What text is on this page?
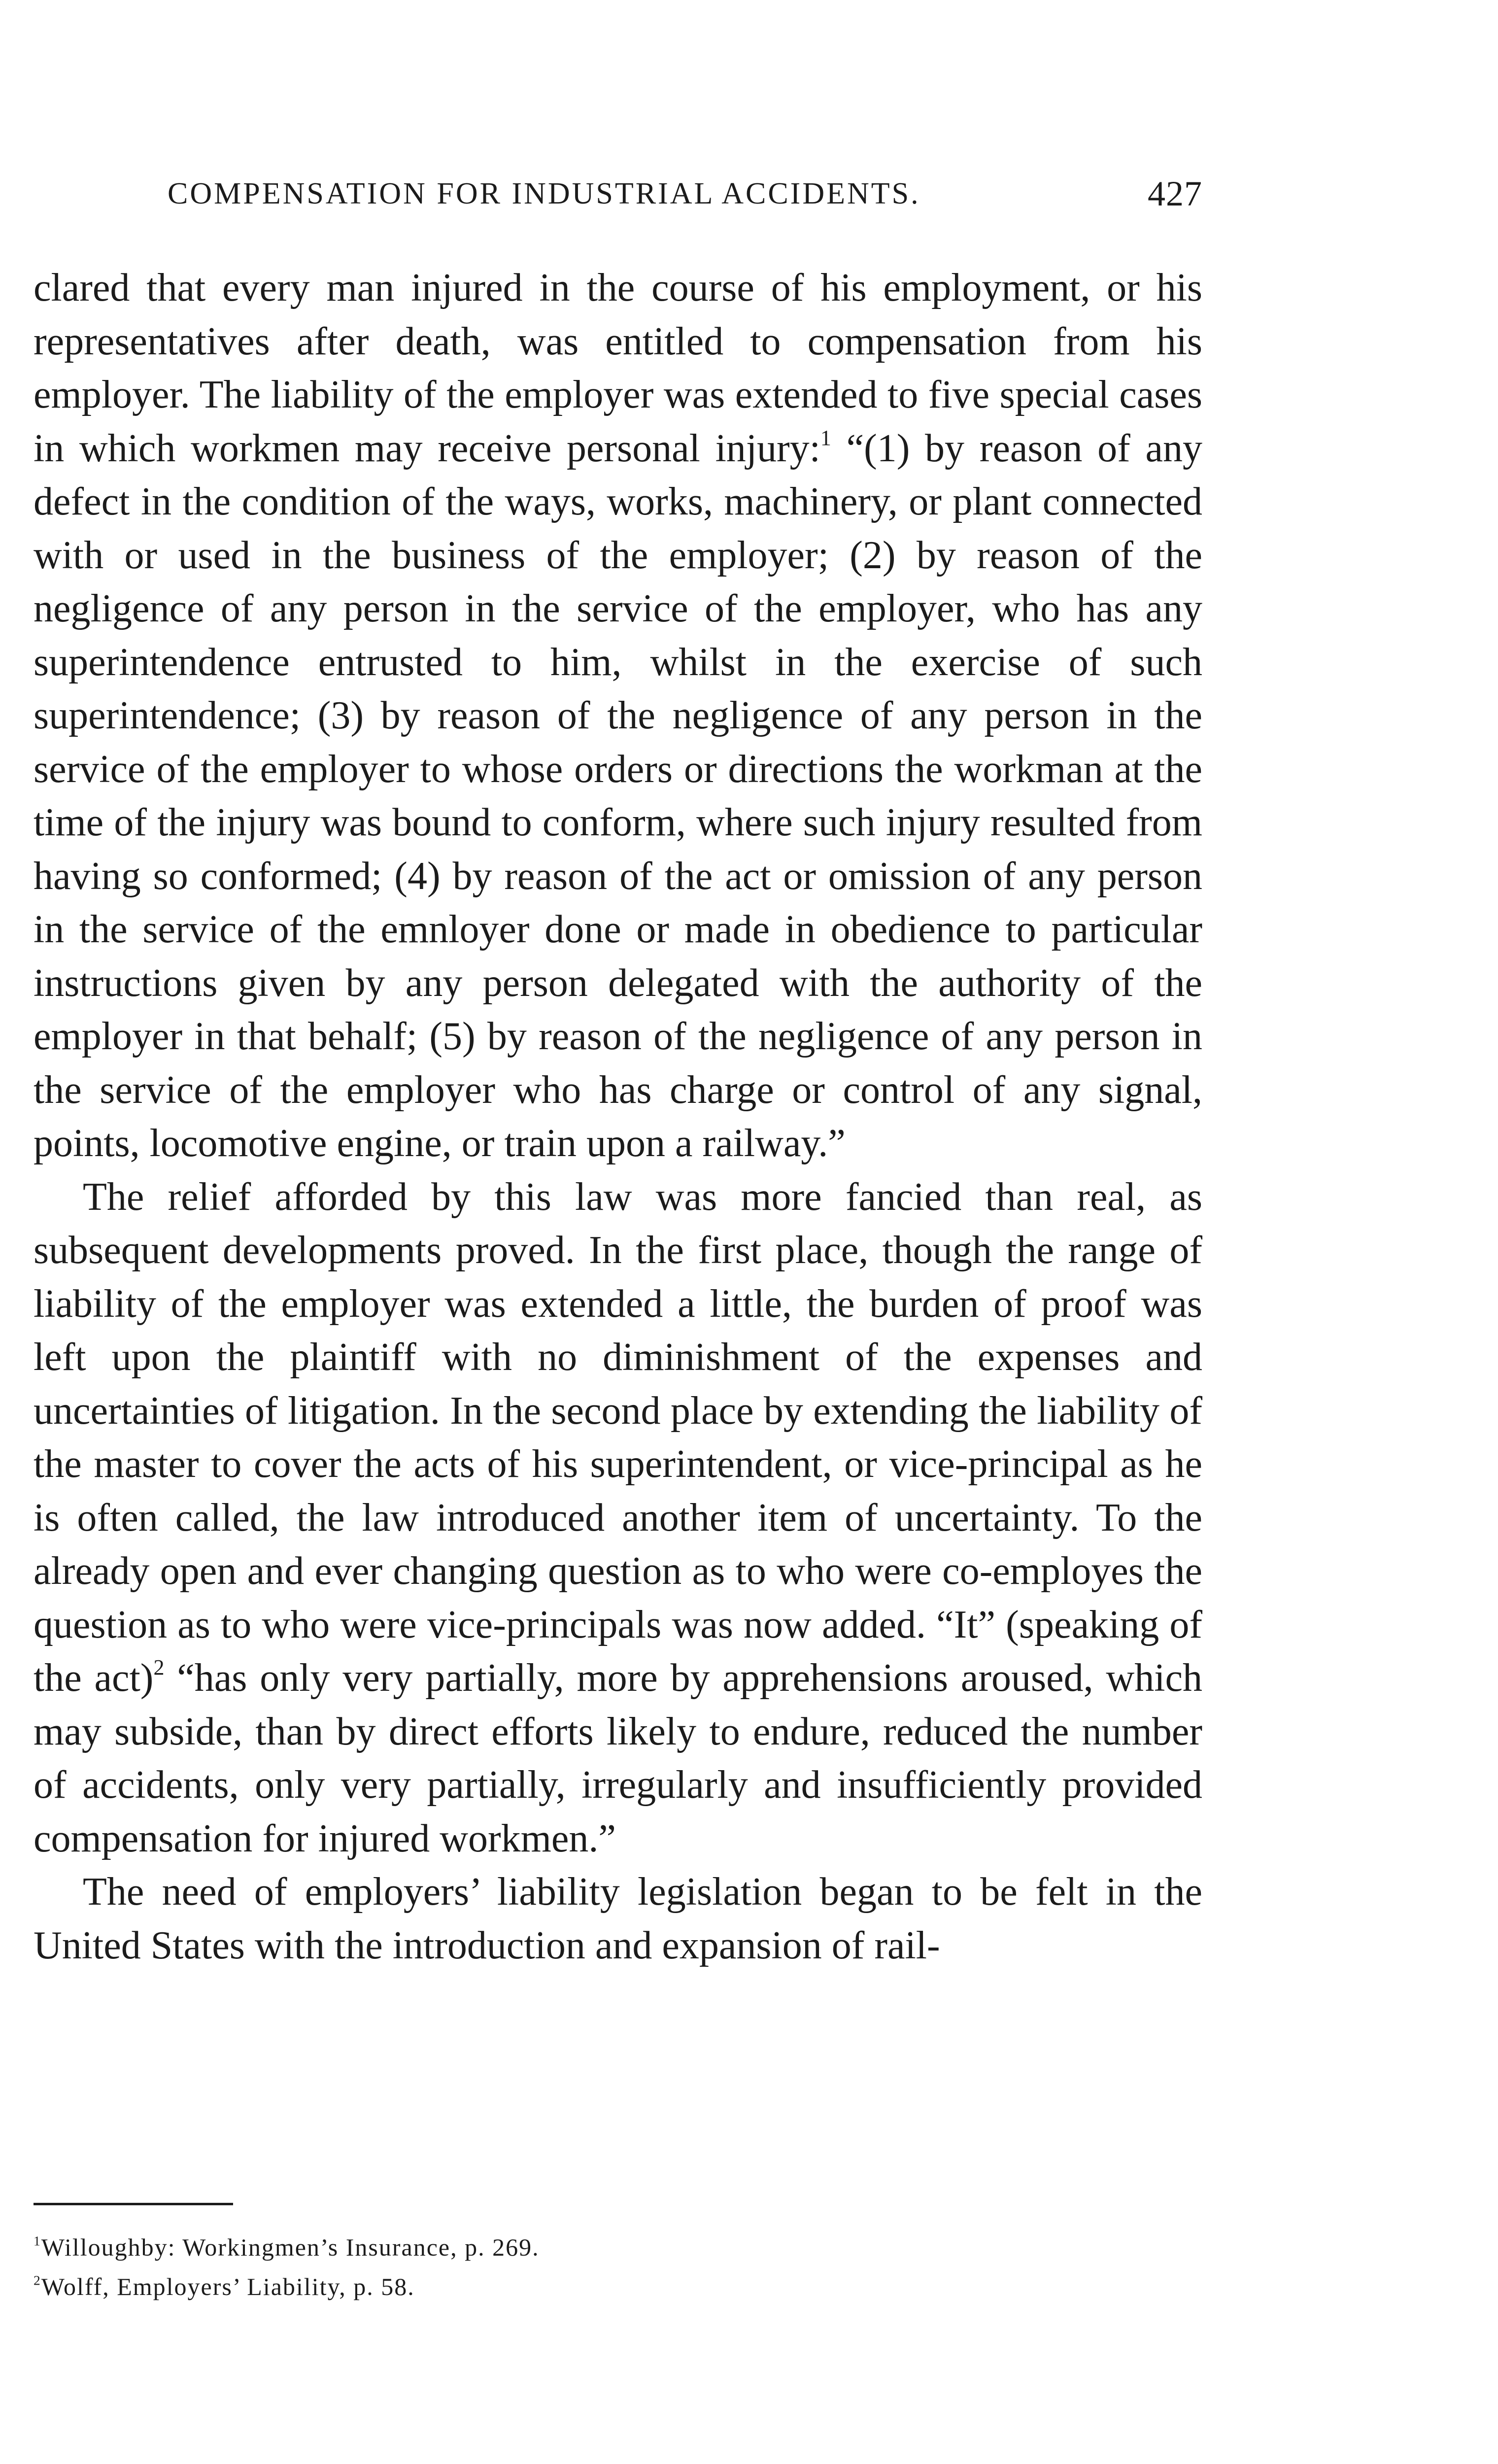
COMPENSATION FOR INDUSTRIAL ACCIDENTS.	427

clared that every man injured in the course of his employment, or his representatives after death, was entitled to compensation from his employer. The liability of the employer was extended to five special cases in which workmen may receive personal injury:$^1$ “(1) by reason of any defect in the condition of the ways, works, machinery, or plant connected with or used in the business of the employer; (2) by reason of the negligence of any person in the service of the employer, who has any superintendence entrusted to him, whilst in the exercise of such superintendence; (3) by reason of the negligence of any person in the service of the employer to whose orders or directions the workman at the time of the injury was bound to conform, where such injury resulted from having so conformed; (4) by reason of the act or omission of any person in the service of the emnloyer done or made in obedience to particular instructions given by any person delegated with the authority of the employer in that behalf; (5) by reason of the negligence of any person in the service of the employer who has charge or control of any signal, points, locomotive engine, or train upon a railway.”

The relief afforded by this law was more fancied than real, as subsequent developments proved. In the first place, though the range of liability of the employer was extended a little, the burden of proof was left upon the plaintiff with no diminishment of the expenses and uncertainties of litigation. In the second place by extending the liability of the master to cover the acts of his superintendent, or vice-principal as he is often called, the law introduced another item of uncertainty. To the already open and ever changing question as to who were co-employes the question as to who were vice-principals was now added. “It” (speaking of the act)$^2$ “has only very partially, more by apprehensions aroused, which may subside, than by direct efforts likely to endure, reduced the number of accidents, only very partially, irregularly and insufficiently provided compensation for injured workmen.”

The need of employers’ liability legislation began to be felt in the United States with the introduction and expansion of rail-

$^1$Willoughby: Workingmen’s Insurance, p. 269.
$^2$Wolff, Employers’ Liability, p. 58.
